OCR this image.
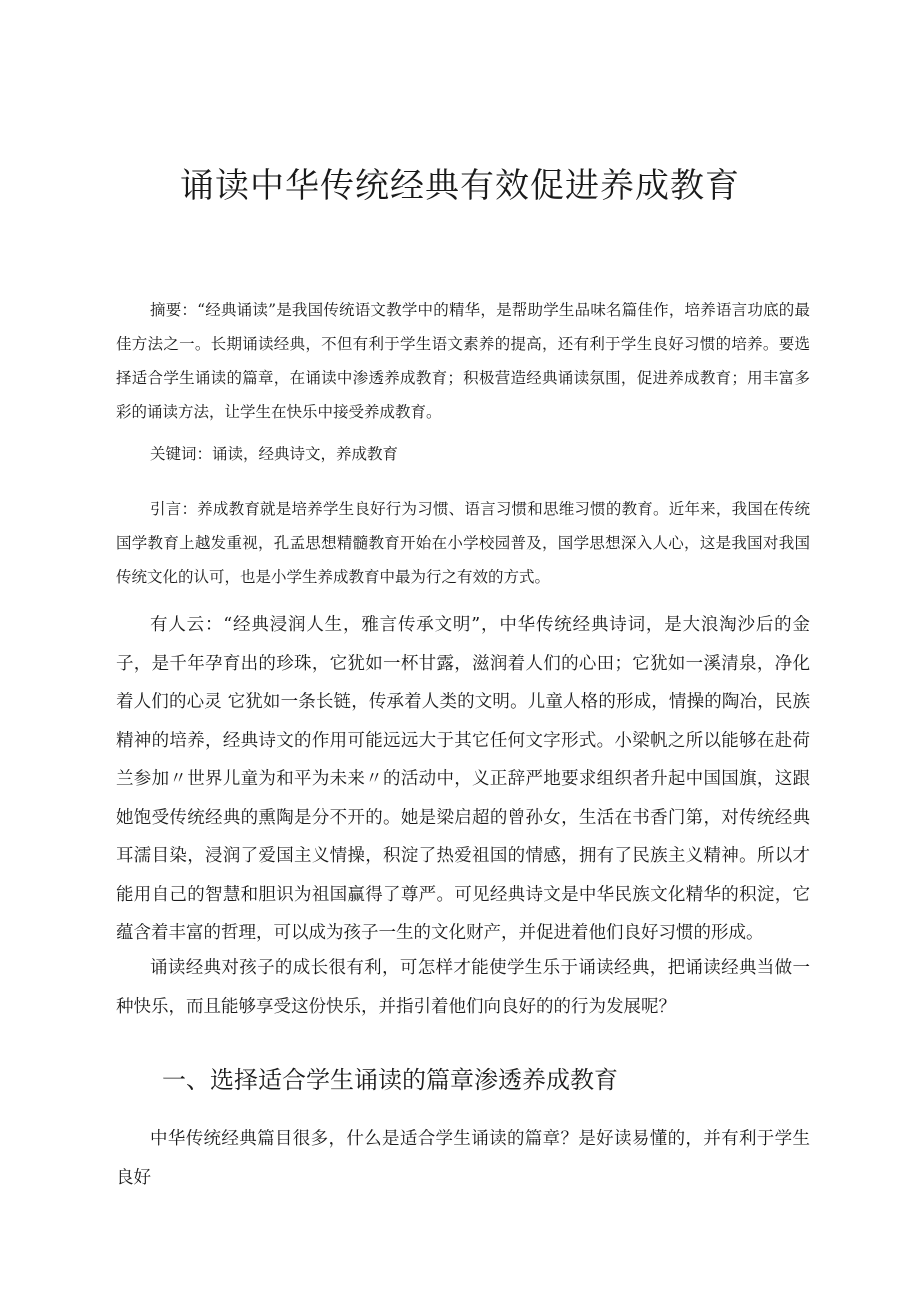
诵读中华传统经典有效促进养成教育

摘要：“经典诵读”是我国传统语文教学中的精华，是帮助学生品味名篇佳作，培养语言功底的最佳方法之一。长期诵读经典，不但有利于学生语文素养的提高，还有利于学生良好习惯的培养。要选择适合学生诵读的篇章，在诵读中渗透养成教育；积极营造经典诵读氛围，促进养成教育；用丰富多彩的诵读方法，让学生在快乐中接受养成教育。

关键词：诵读，经典诗文，养成教育

引言：养成教育就是培养学生良好行为习惯、语言习惯和思维习惯的教育。近年来，我国在传统国学教育上越发重视，孔孟思想精髓教育开始在小学校园普及，国学思想深入人心，这是我国对我国传统文化的认可，也是小学生养成教育中最为行之有效的方式。

有人云：“经典浸润人生，雅言传承文明”，中华传统经典诗词，是大浪淘沙后的金子，是千年孕育出的珍珠，它犹如一杯甘露，滋润着人们的心田；它犹如一溪清泉，净化着人们的心灵 它犹如一条长链，传承着人类的文明。儿童人格的形成，情操的陶冶，民族精神的培养，经典诗文的作用可能远远大于其它任何文字形式。小梁帆之所以能够在赴荷兰参加〃世界儿童为和平为未来〃的活动中，义正辞严地要求组织者升起中国国旗，这跟她饱受传统经典的熏陶是分不开的。她是梁启超的曾孙女，生活在书香门第，对传统经典耳濡目染，浸润了爱国主义情操，积淀了热爱祖国的情感，拥有了民族主义精神。所以才能用自己的智慧和胆识为祖国赢得了尊严。可见经典诗文是中华民族文化精华的积淀，它蕴含着丰富的哲理，可以成为孩子一生的文化财产，并促进着他们良好习惯的形成。

诵读经典对孩子的成长很有利，可怎样才能使学生乐于诵读经典，把诵读经典当做一种快乐，而且能够享受这份快乐，并指引着他们向良好的的行为发展呢？

一、选择适合学生诵读的篇章渗透养成教育

中华传统经典篇目很多，什么是适合学生诵读的篇章？是好读易懂的，并有利于学生良好
